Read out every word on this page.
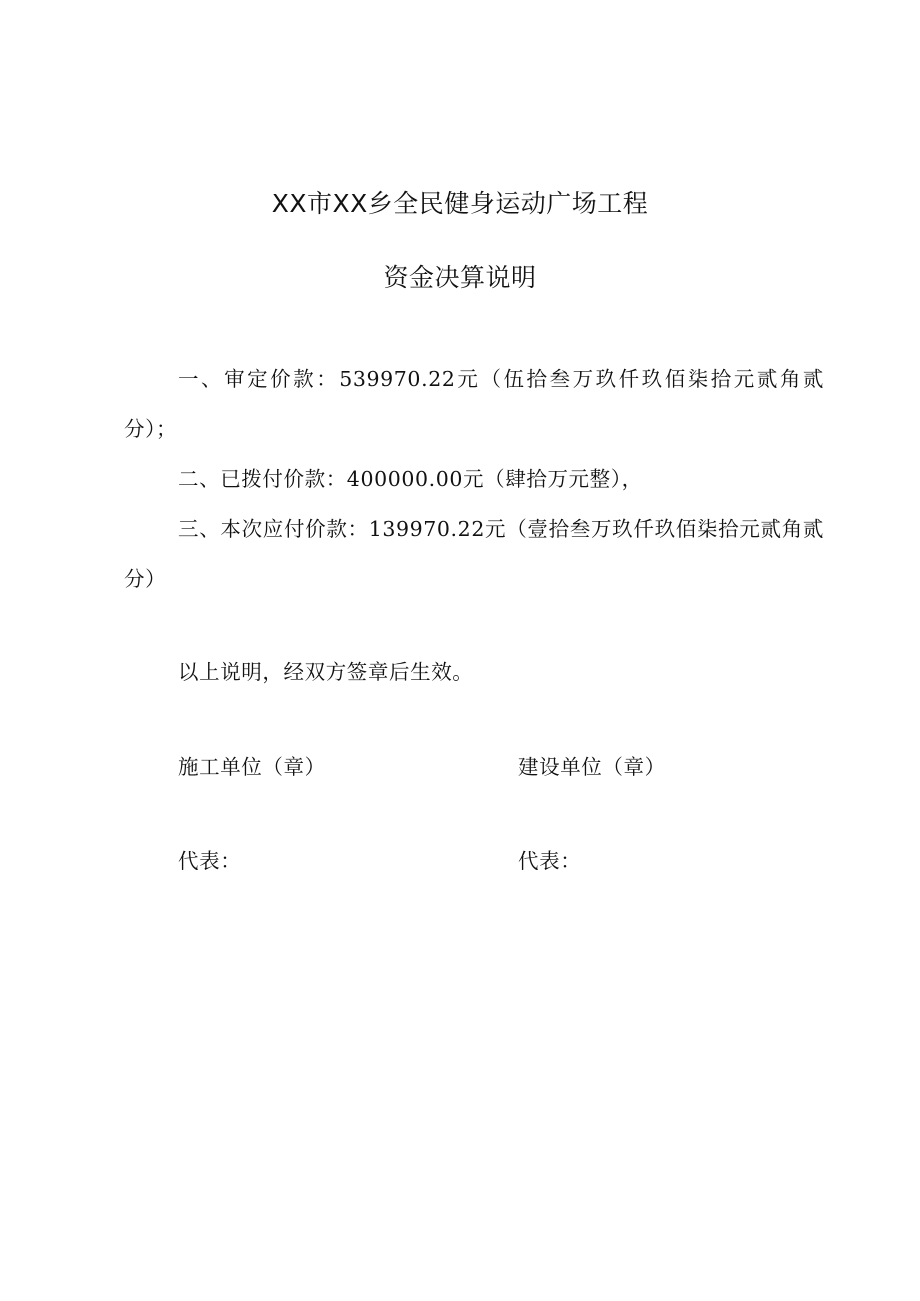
XX市XX乡全民健身运动广场工程
资金决算说明
一、审定价款：539970.22元（伍拾叁万玖仟玖佰柒拾元贰角贰分）；
二、已拨付价款：400000.00元（肆拾万元整），
三、本次应付价款：139970.22元（壹拾叁万玖仟玖佰柒拾元贰角贰分）
以上说明，经双方签章后生效。
施工单位（章）	建设单位（章）
代表：	代表：
